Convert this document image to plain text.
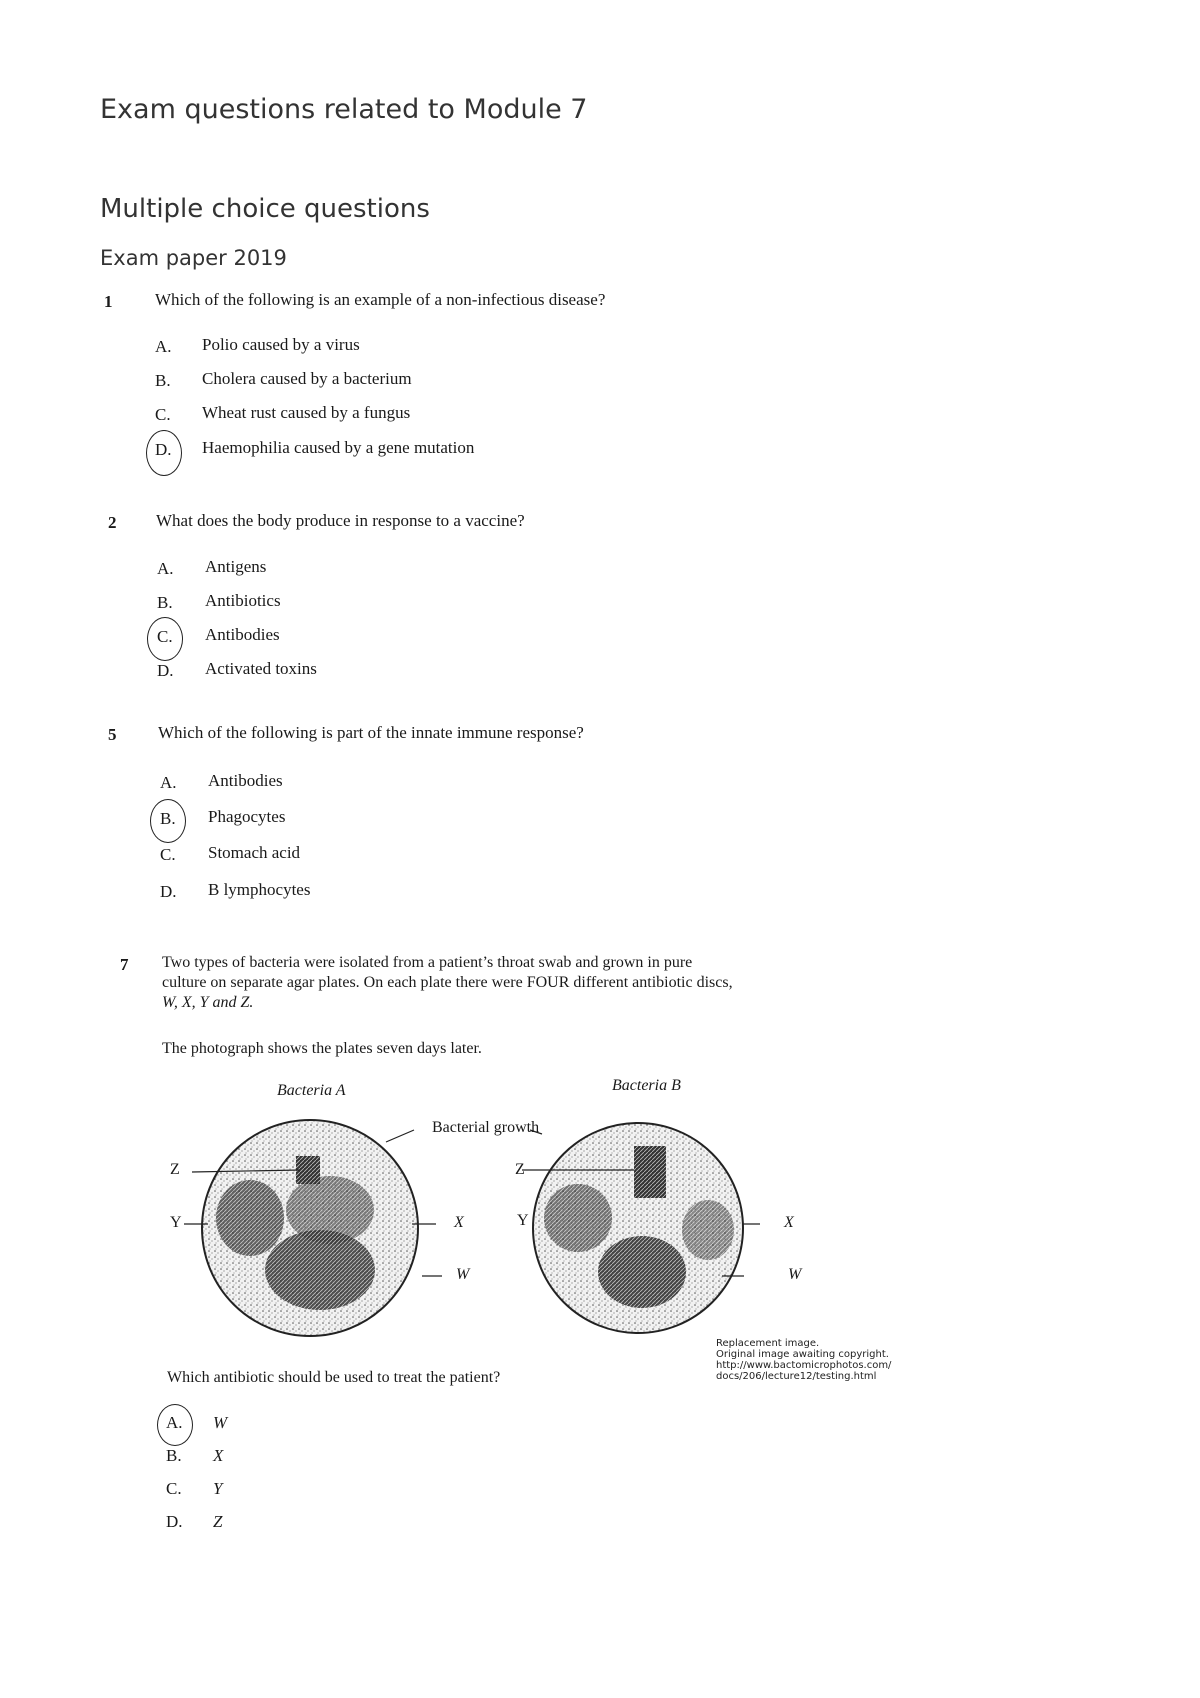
Exam questions related to Module 7
Multiple choice questions
Exam paper 2019
1	Which of the following is an example of a non-infectious disease?
A. Polio caused by a virus
B. Cholera caused by a bacterium
C. Wheat rust caused by a fungus
D. Haemophilia caused by a gene mutation
2 What does the body produce in response to a vaccine?
A. Antigens
B. Antibiotics
C. Antibodies
D. Activated toxins
5 Which of the following is part of the innate immune response?
A. Antibodies
B. Phagocytes
C. Stomach acid
D. B lymphocytes
7 Two types of bacteria were isolated from a patient’s throat swab and grown in pure
culture on separate agar plates. On each plate there were FOUR different antibiotic discs,
W, X, Y and Z.
The photograph shows the plates seven days later.
Bacteria A	Bacteria B
Bacterial growth
Z
Y	X
W
Z
Y	X
W
Replacement image.
Original image awaiting copyright.
http://www.bactomicrophotos.com/
docs/206/lecture12/testing.html
Which antibiotic should be used to treat the patient?
A. W
B. X
C. Y
D. Z
